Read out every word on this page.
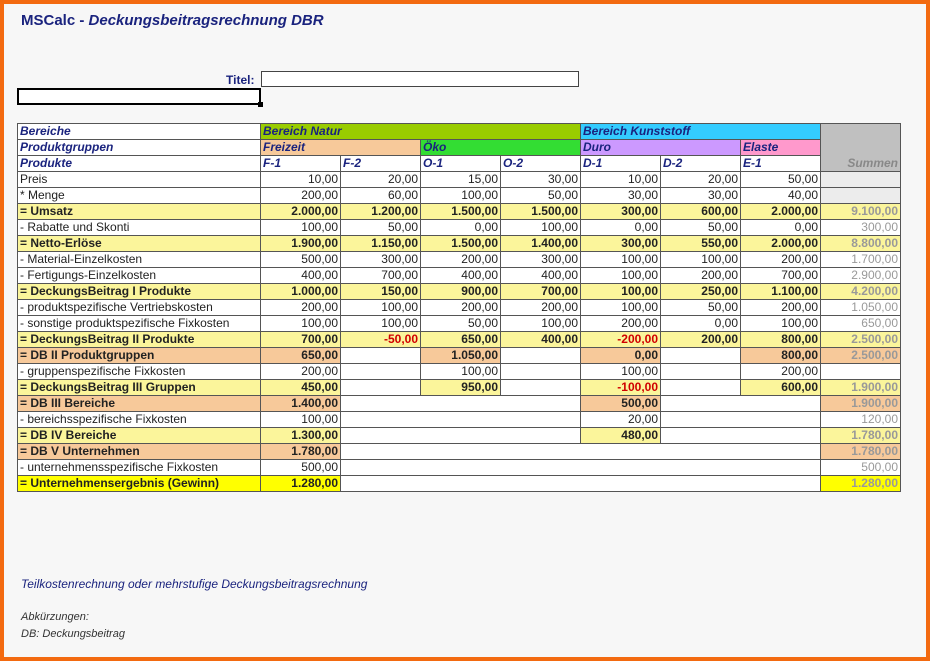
MSCalc - Deckungsbeitragsrechnung DBR
Titel:
Bereiche	Bereich Natur				Bereich Kunststoff			Summen
Produktgruppen	Freizeit		Öko		Duro		Elaste	
Produkte	F-1	F-2	O-1	O-2	D-1	D-2	E-1	
Preis	10,00	20,00	15,00	30,00	10,00	20,00	50,00	
* Menge	200,00	60,00	100,00	50,00	30,00	30,00	40,00	
= Umsatz	2.000,00	1.200,00	1.500,00	1.500,00	300,00	600,00	2.000,00	9.100,00
- Rabatte und Skonti	100,00	50,00	0,00	100,00	0,00	50,00	0,00	300,00
= Netto-Erlöse	1.900,00	1.150,00	1.500,00	1.400,00	300,00	550,00	2.000,00	8.800,00
- Material-Einzelkosten	500,00	300,00	200,00	300,00	100,00	100,00	200,00	1.700,00
- Fertigungs-Einzelkosten	400,00	700,00	400,00	400,00	100,00	200,00	700,00	2.900,00
= DeckungsBeitrag I Produkte	1.000,00	150,00	900,00	700,00	100,00	250,00	1.100,00	4.200,00
- produktspezifische Vertriebskosten	200,00	100,00	200,00	200,00	100,00	50,00	200,00	1.050,00
- sonstige produktspezifische Fixkosten	100,00	100,00	50,00	100,00	200,00	0,00	100,00	650,00
= DeckungsBeitrag II Produkte	700,00	-50,00	650,00	400,00	-200,00	200,00	800,00	2.500,00
= DB II Produktgruppen	650,00		1.050,00		0,00		800,00	2.500,00
- gruppenspezifische Fixkosten	200,00		100,00		100,00		200,00	
= DeckungsBeitrag III Gruppen	450,00		950,00		-100,00		600,00	1.900,00
= DB III Bereiche	1.400,00				500,00			1.900,00
- bereichsspezifische Fixkosten	100,00				20,00			120,00
= DB IV Bereiche	1.300,00				480,00			1.780,00
= DB V Unternehmen	1.780,00							1.780,00
- unternehmensspezifische Fixkosten	500,00							500,00
= Unternehmensergebnis (Gewinn)	1.280,00							1.280,00
Teilkostenrechnung oder mehrstufige Deckungsbeitragsrechnung
Abkürzungen:
DB: Deckungsbeitrag
